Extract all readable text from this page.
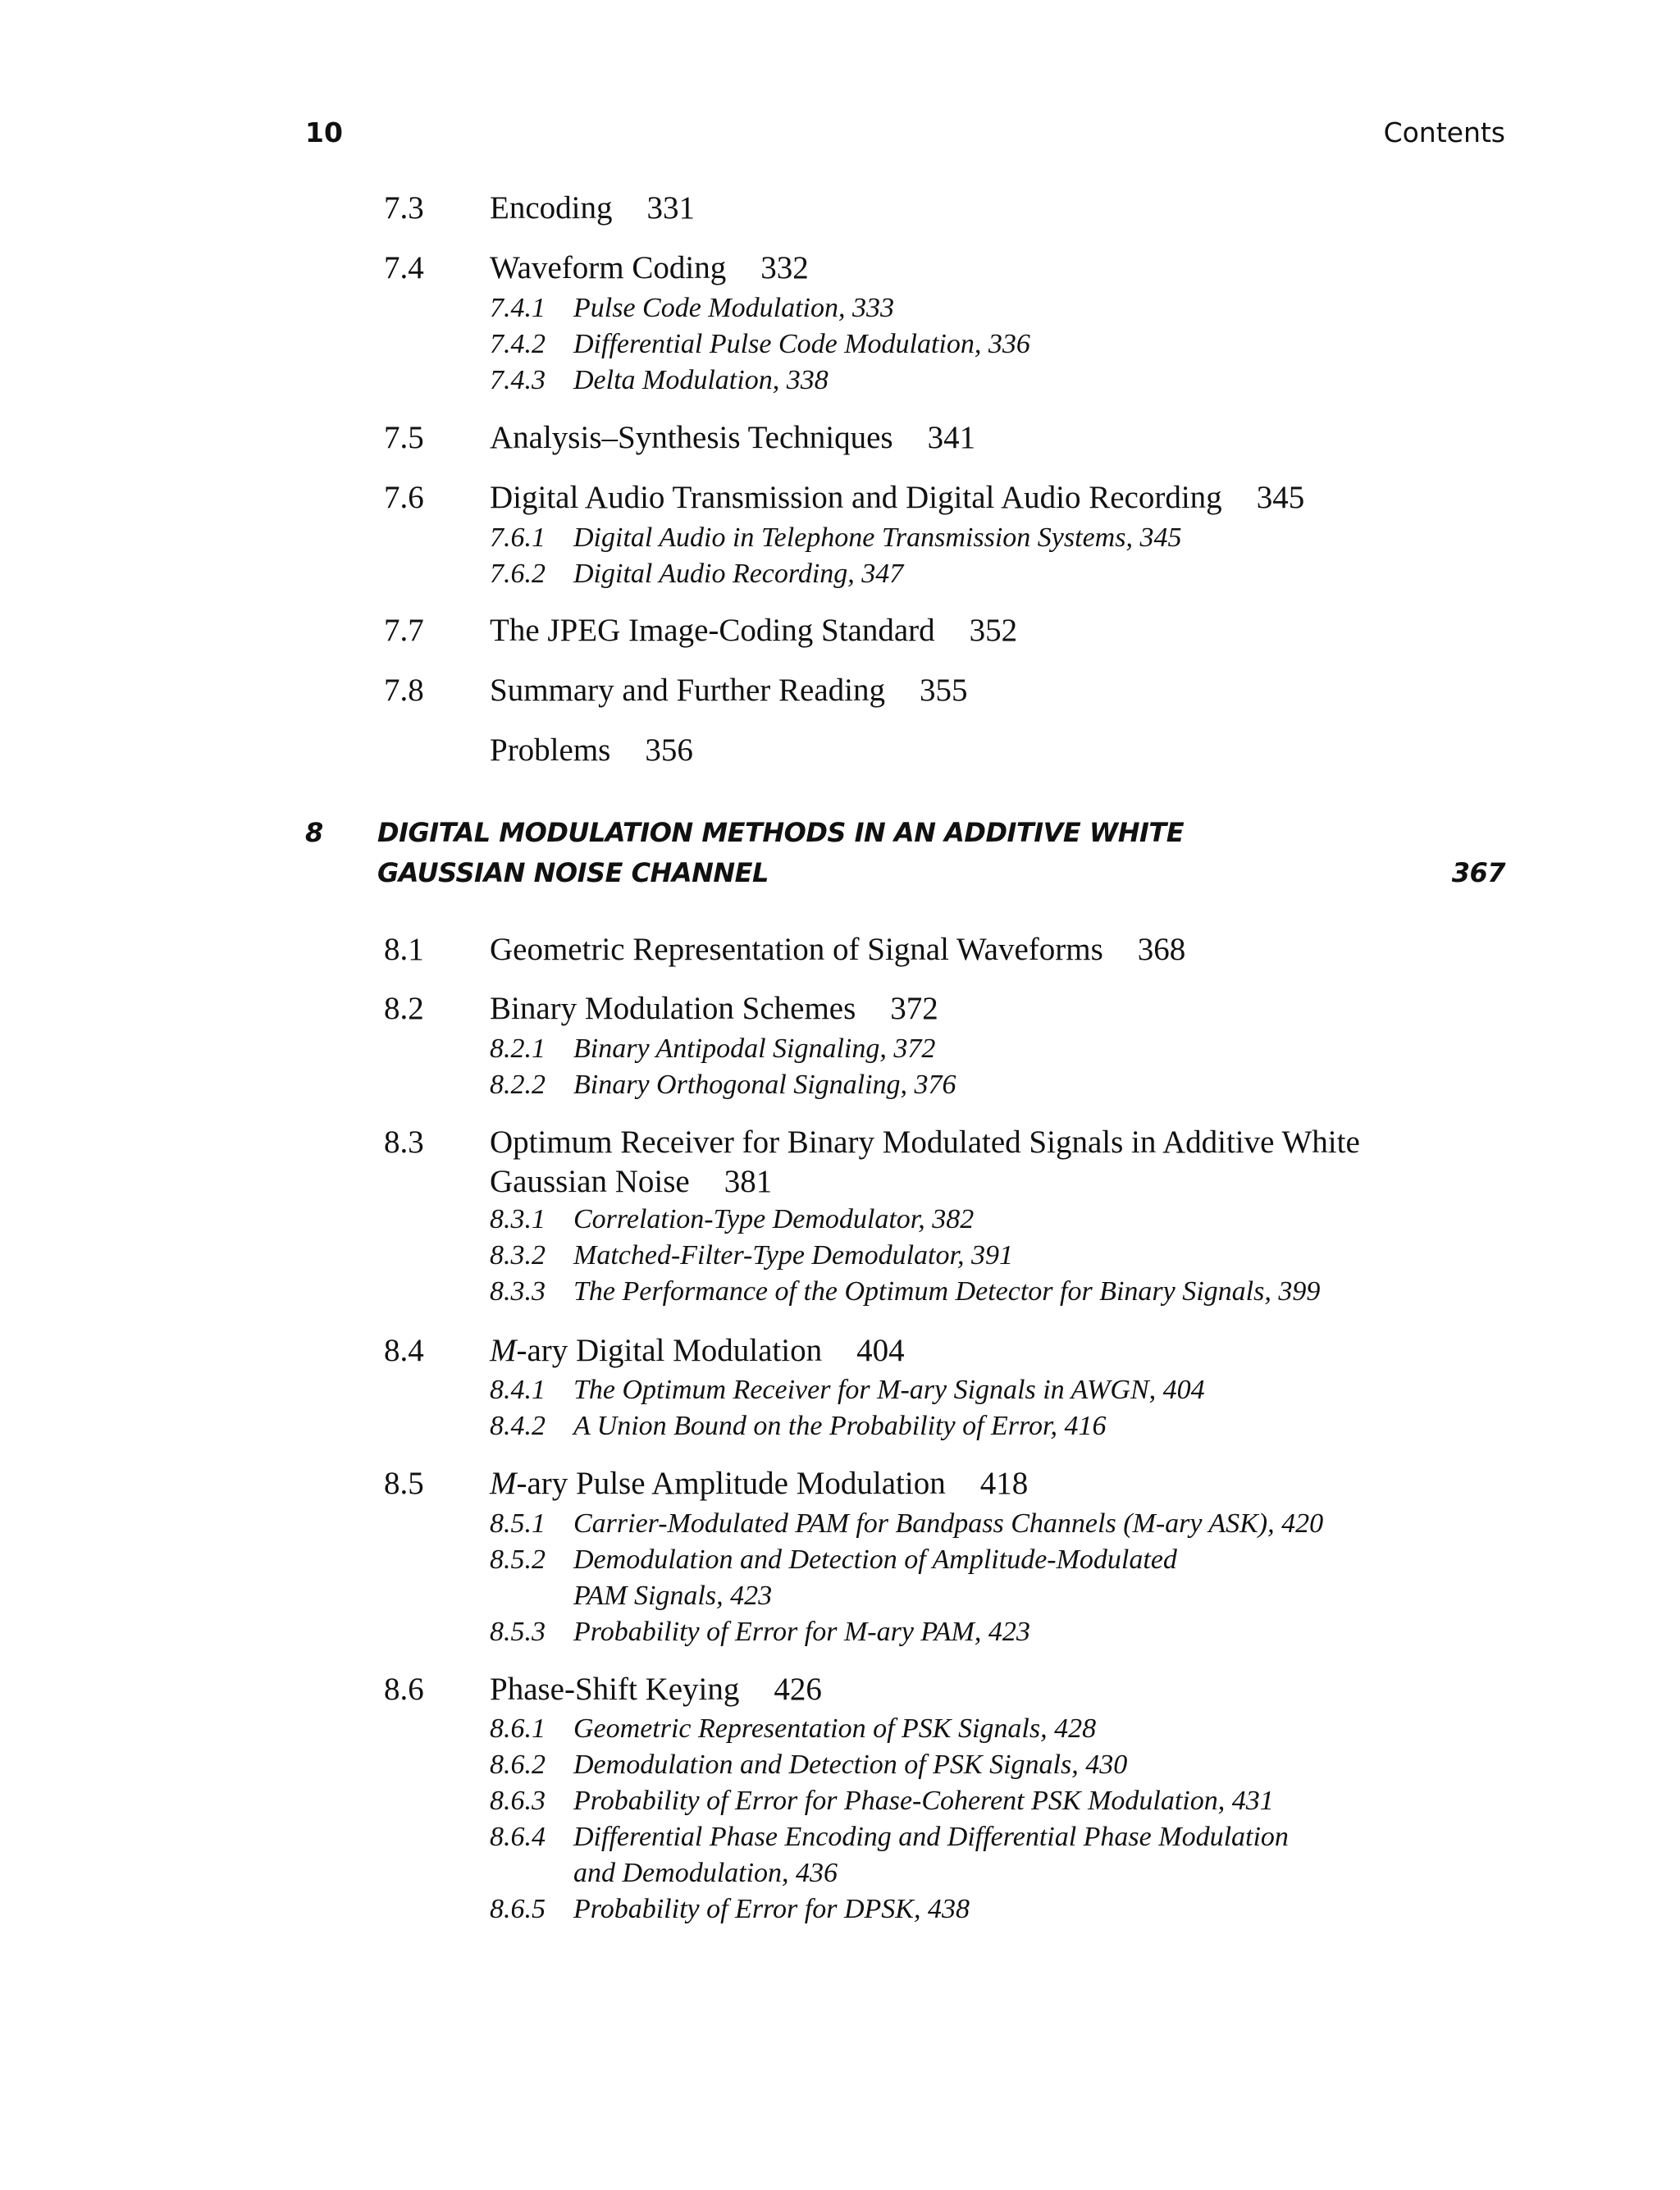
10	Contents
7.3 Encoding 331
7.4 Waveform Coding 332
7.4.1 Pulse Code Modulation, 333
7.4.2 Differential Pulse Code Modulation, 336
7.4.3 Delta Modulation, 338
7.5 Analysis–Synthesis Techniques 341
7.6 Digital Audio Transmission and Digital Audio Recording 345
7.6.1 Digital Audio in Telephone Transmission Systems, 345
7.6.2 Digital Audio Recording, 347
7.7 The JPEG Image-Coding Standard 352
7.8 Summary and Further Reading 355
Problems 356
8 DIGITAL MODULATION METHODS IN AN ADDITIVE WHITE
GAUSSIAN NOISE CHANNEL	367
8.1 Geometric Representation of Signal Waveforms 368
8.2 Binary Modulation Schemes 372
8.2.1 Binary Antipodal Signaling, 372
8.2.2 Binary Orthogonal Signaling, 376
8.3 Optimum Receiver for Binary Modulated Signals in Additive White
Gaussian Noise 381
8.3.1 Correlation-Type Demodulator, 382
8.3.2 Matched-Filter-Type Demodulator, 391
8.3.3 The Performance of the Optimum Detector for Binary Signals, 399
8.4 M-ary Digital Modulation 404
8.4.1 The Optimum Receiver for M-ary Signals in AWGN, 404
8.4.2 A Union Bound on the Probability of Error, 416
8.5 M-ary Pulse Amplitude Modulation 418
8.5.1 Carrier-Modulated PAM for Bandpass Channels (M-ary ASK), 420
8.5.2 Demodulation and Detection of Amplitude-Modulated
PAM Signals, 423
8.5.3 Probability of Error for M-ary PAM, 423
8.6 Phase-Shift Keying 426
8.6.1 Geometric Representation of PSK Signals, 428
8.6.2 Demodulation and Detection of PSK Signals, 430
8.6.3 Probability of Error for Phase-Coherent PSK Modulation, 431
8.6.4 Differential Phase Encoding and Differential Phase Modulation
and Demodulation, 436
8.6.5 Probability of Error for DPSK, 438
